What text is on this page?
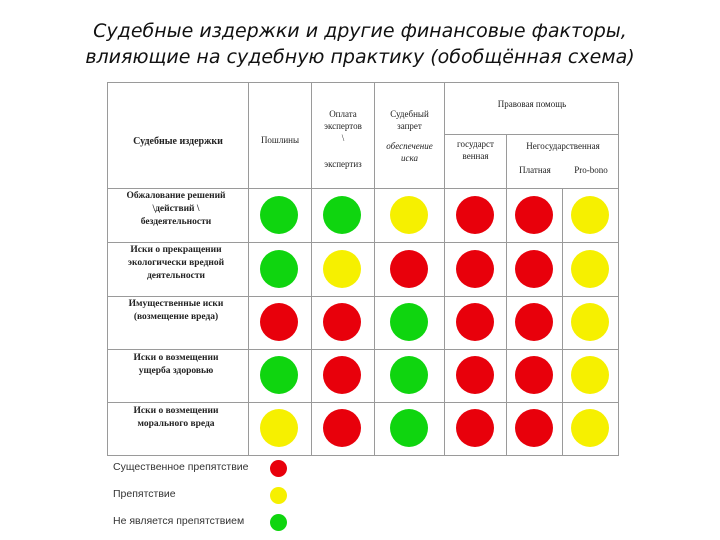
Судебные издержки и другие финансовые факторы,
влияющие на судебную практику (обобщённая схема)
Судебные издержки	Пошлины
Оплата
экспертов
\
экспертиз
Судебный
запрет
обеспечение
иска
Правовая помощь
государст
венная
Негосударственная
Платная	Pro-bono
Обжалование решений
\действий \
бездеятельности
Иски о прекращении
экологически вредной
деятельности
Имущественные иски
(возмещение вреда)
Иски о возмещении
ущерба здоровью
Иски о возмещении
морального вреда
Существенное препятствие
Препятствие
Не является препятствием
